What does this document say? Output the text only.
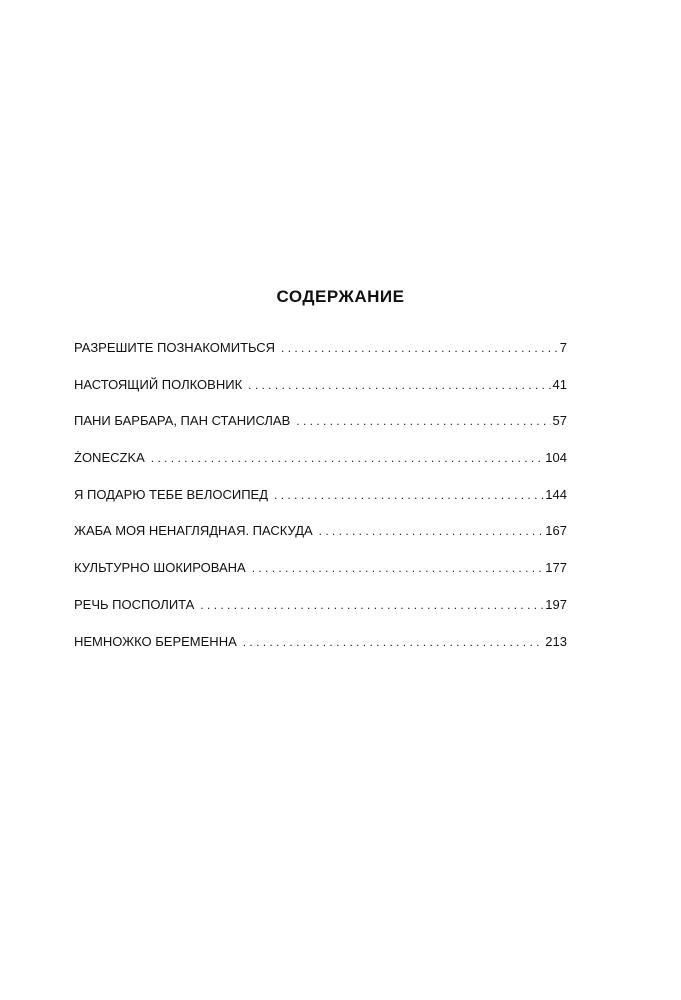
СОДЕРЖАНИЕ
РАЗРЕШИТЕ ПОЗНАКОМИТЬСЯ . . .	7
НАСТОЯЩИЙ ПОЛКОВНИК . . .	41
ПАНИ БАРБАРА, ПАН СТАНИСЛАВ . . .	57
ŻONECZKA . . .	104
Я ПОДАРЮ ТЕБЕ ВЕЛОСИПЕД . . .	144
ЖАБА МОЯ НЕНАГЛЯДНАЯ. ПАСКУДА . . .	167
КУЛЬТУРНО ШОКИРОВАНА . . .	177
РЕЧЬ ПОСПОЛИТА . . .	197
НЕМНОЖКО БЕРЕМЕННА . . .	213
